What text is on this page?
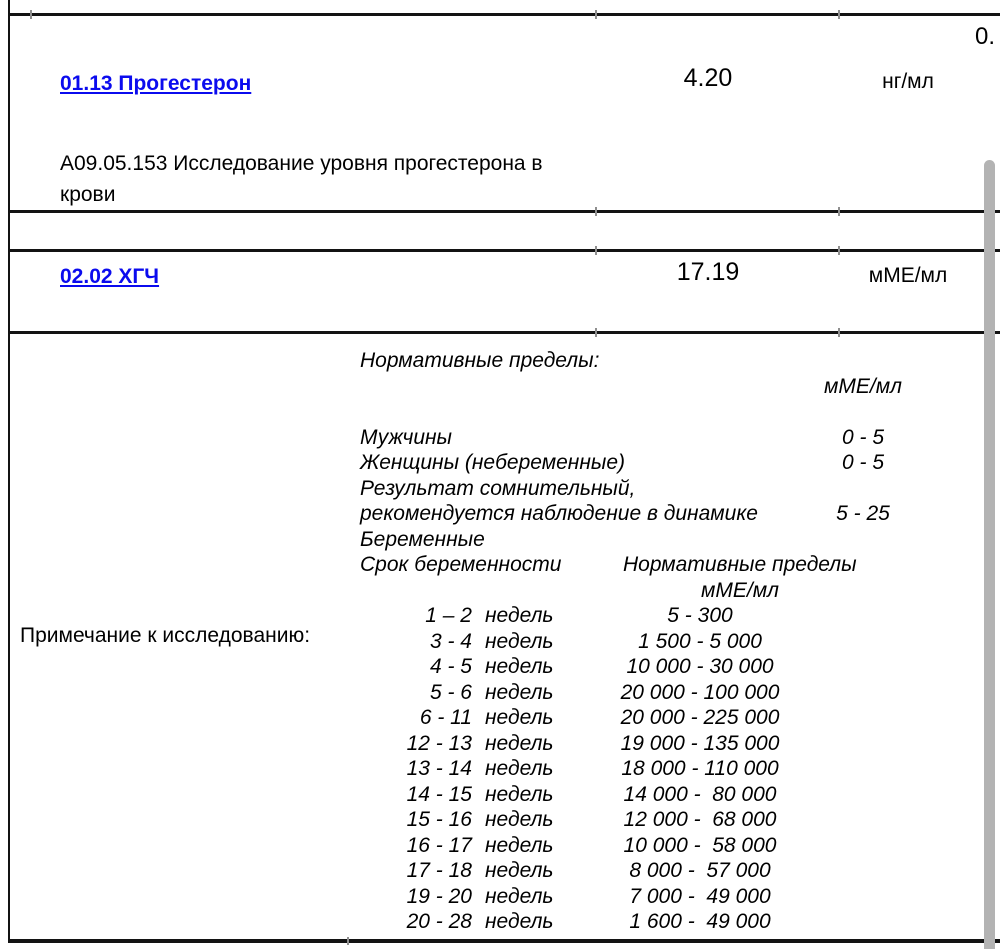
0.
01.13 Прогестерон	4.20	нг/мл
А09.05.153 Исследование уровня прогестерона в
крови
02.02 ХГЧ	17.19	мМЕ/мл
Примечание к исследованию:
Нормативные пределы:
мМЕ/мл
Мужчины	0 - 5
Женщины (небеременные)	0 - 5
Результат сомнительный,
рекомендуется наблюдение в динамике	5 - 25
Беременные
Срок беременности	Нормативные пределы
мМЕ/мл
1 – 2 недель	5 - 300
3 - 4 недель	1 500 - 5 000
4 - 5 недель	10 000 - 30 000
5 - 6 недель	20 000 - 100 000
6 - 11 недель	20 000 - 225 000
12 - 13 недель	19 000 - 135 000
13 - 14 недель	18 000 - 110 000
14 - 15 недель	14 000 -  80 000
15 - 16 недель	12 000 -  68 000
16 - 17 недель	10 000 -  58 000
17 - 18 недель	8 000 -  57 000
19 - 20 недель	7 000 -  49 000
20 - 28 недель	1 600 -  49 000
